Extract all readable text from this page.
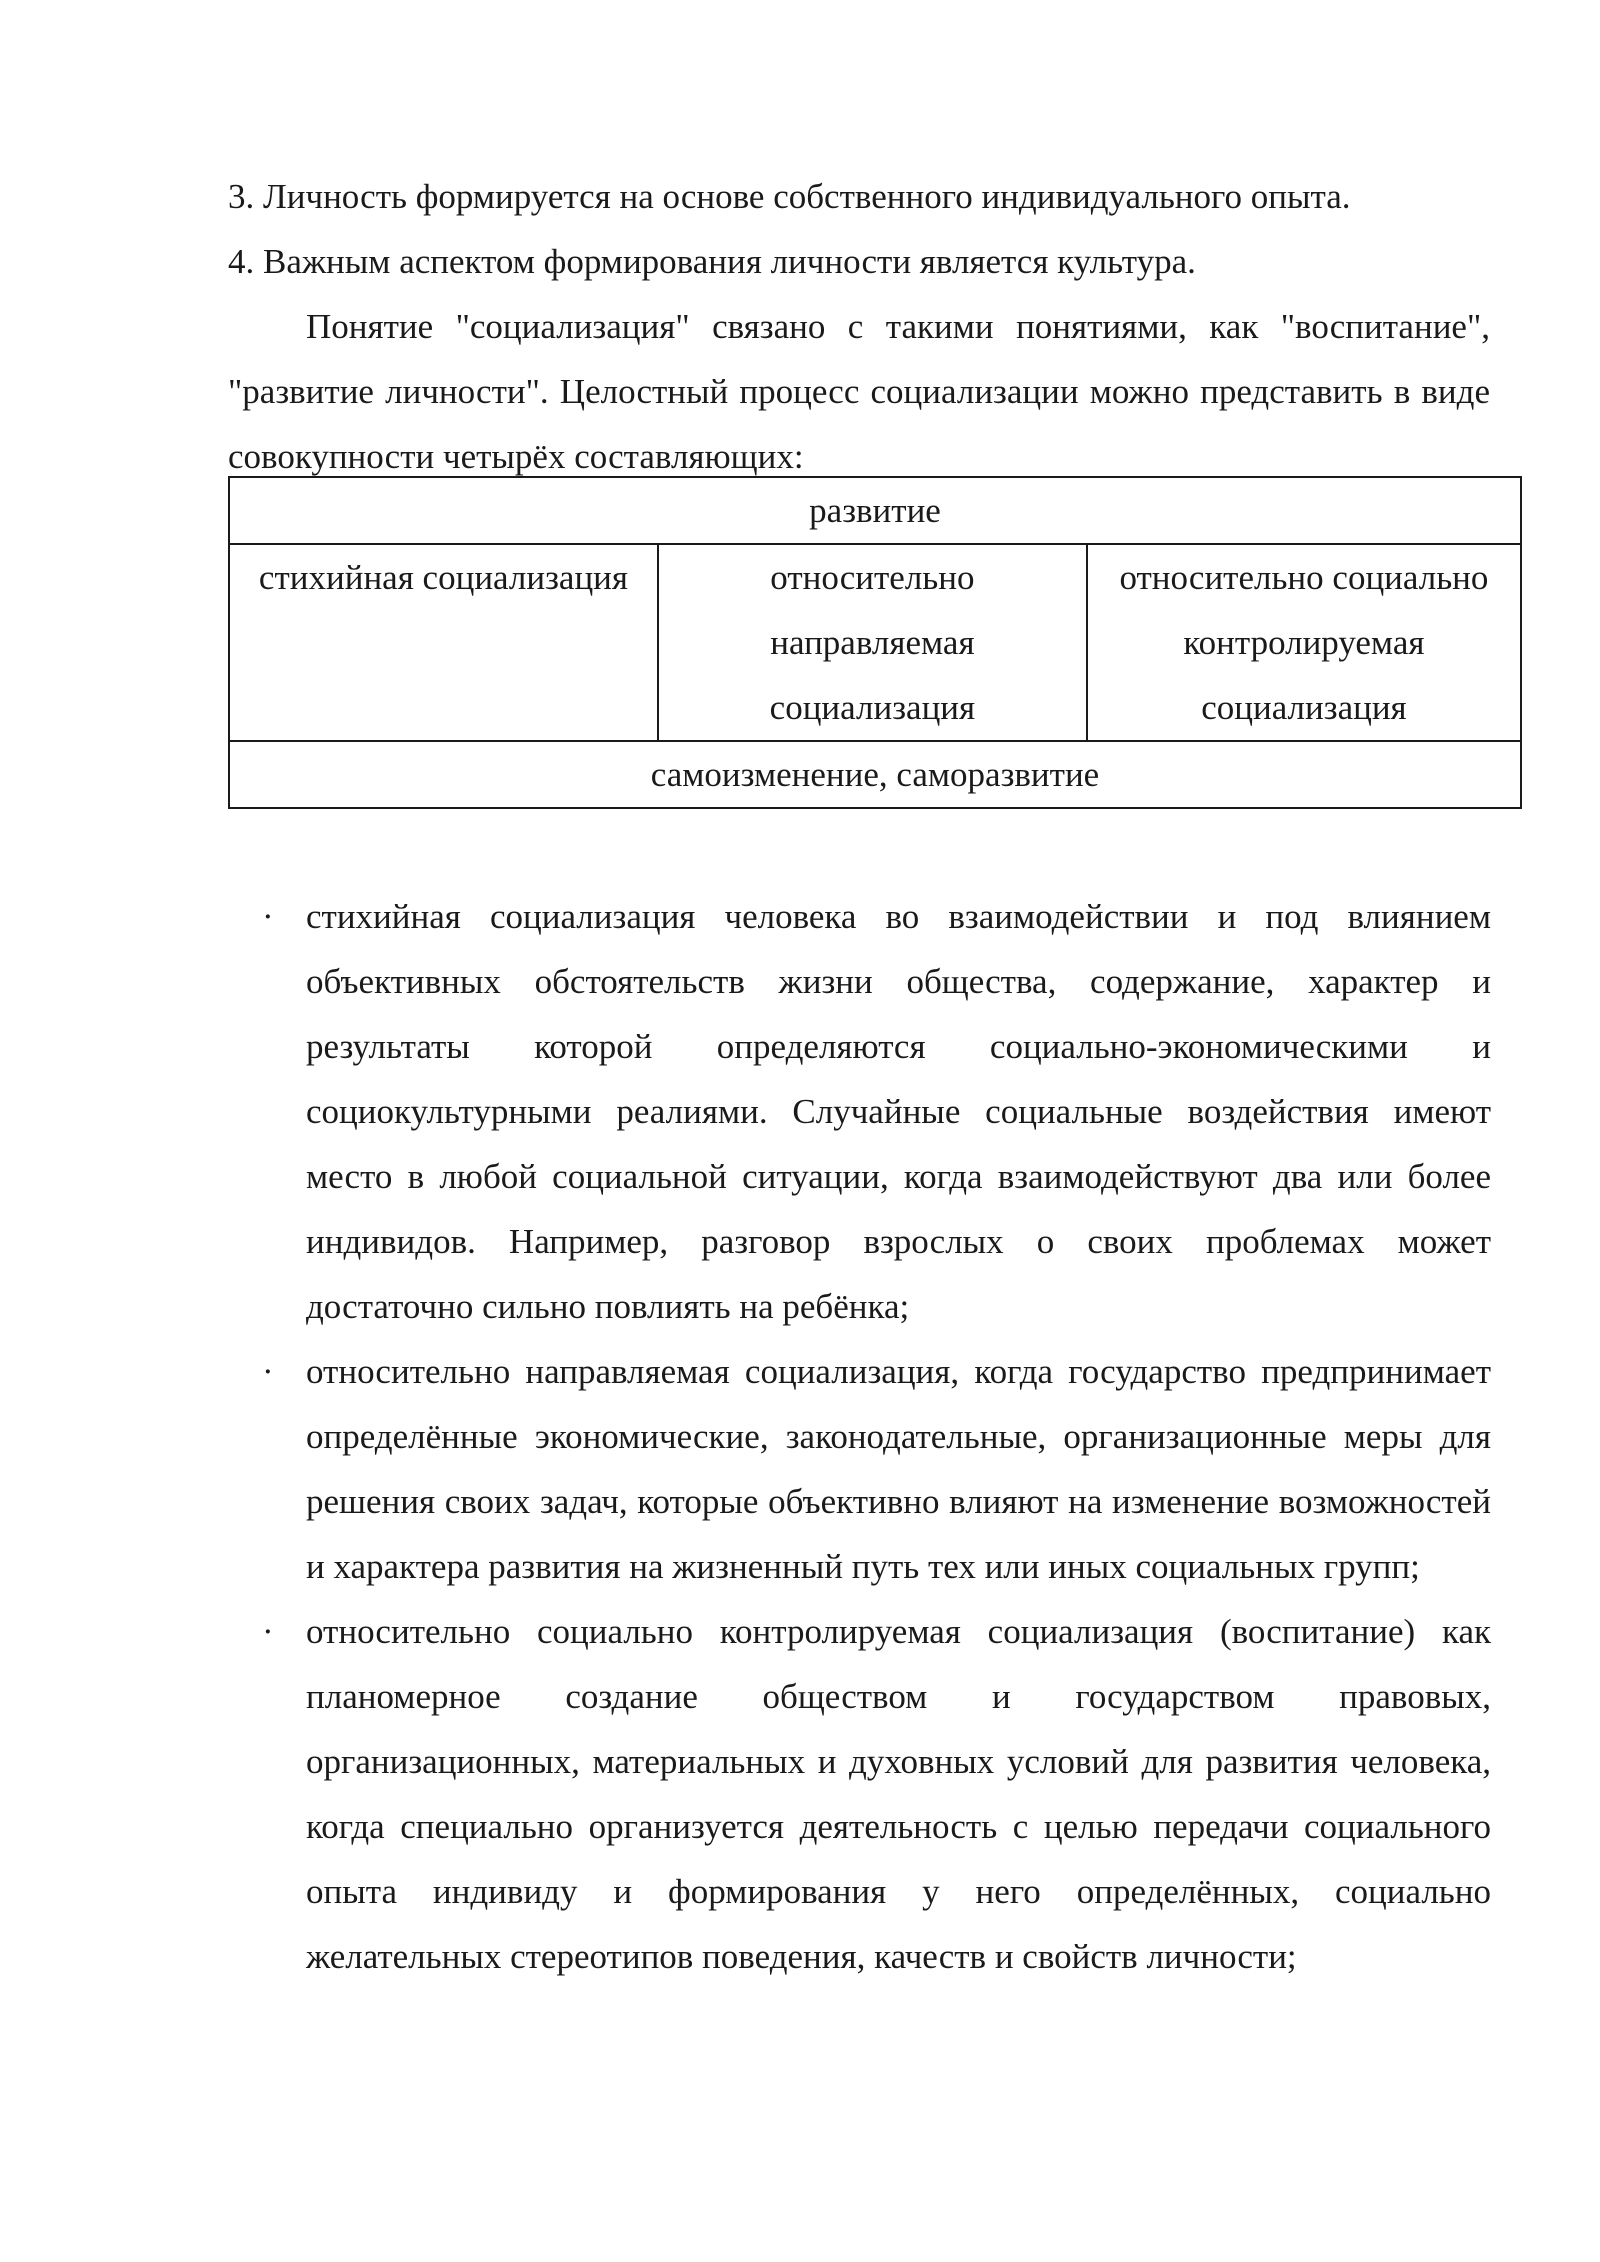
3. Личность формируется на основе собственного индивидуального опыта.
4. Важным аспектом формирования личности является культура.
Понятие "социализация" связано с такими понятиями, как "воспитание", "развитие личности". Целостный процесс социализации можно представить в виде совокупности четырёх составляющих:
развитие
стихийная социализация	относительно направляемая социализация	относительно социально контролируемая социализация
самоизменение, саморазвитие
· стихийная социализация человека во взаимодействии и под влиянием объективных обстоятельств жизни общества, содержание, характер и результаты которой определяются социально-экономическими и социокультурными реалиями. Случайные социальные воздействия имеют место в любой социальной ситуации, когда взаимодействуют два или более индивидов. Например, разговор взрослых о своих проблемах может достаточно сильно повлиять на ребёнка;
· относительно направляемая социализация, когда государство предпринимает определённые экономические, законодательные, организационные меры для решения своих задач, которые объективно влияют на изменение возможностей и характера развития на жизненный путь тех или иных социальных групп;
· относительно социально контролируемая социализация (воспитание) как планомерное создание обществом и государством правовых, организационных, материальных и духовных условий для развития человека, когда специально организуется деятельность с целью передачи социального опыта индивиду и формирования у него определённых, социально желательных стереотипов поведения, качеств и свойств личности;
